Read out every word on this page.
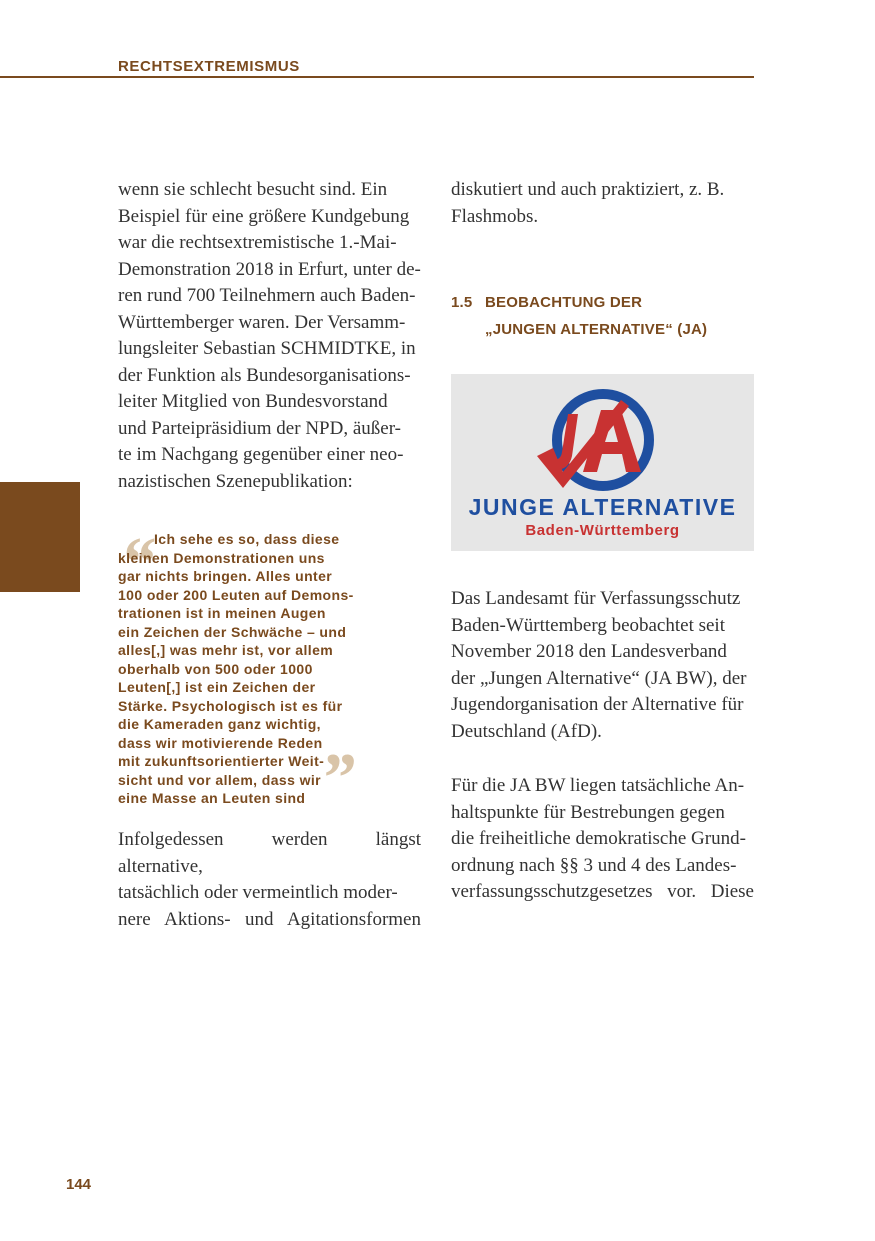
RECHTSEXTREMISMUS

wenn sie schlecht besucht sind. Ein

Beispiel für eine größere Kundgebung

war die rechtsextremistische 1.-Mai-

Demonstration 2018 in Erfurt, unter de-

ren rund 700 Teilnehmern auch Baden-

Württemberger waren. Der Versamm-

lungsleiter Sebastian SCHMIDTKE, in

der Funktion als Bundesorganisations-

leiter Mitglied von Bundesvorstand

und Parteipräsidium der NPD, äußer-

te im Nachgang gegenüber einer neo-

nazistischen Szenepublikation:

“
”
Ich sehe es so, dass diese
kleinen Demonstrationen uns
gar nichts bringen. Alles unter
100 oder 200 Leuten auf Demons-
trationen ist in meinen Augen
ein Zeichen der Schwäche – und
alles[,] was mehr ist, vor allem
oberhalb von 500 oder 1000
Leuten[,] ist ein Zeichen der
Stärke. Psychologisch ist es für
die Kameraden ganz wichtig,
dass wir motivierende Reden
mit zukunftsorientierter Weit-
sicht und vor allem, dass wir
eine Masse an Leuten sind

Infolgedessen werden längst alternative,

tatsächlich oder vermeintlich moder-

nere Aktions- und Agitationsformen

diskutiert und auch praktiziert, z. B.

Flashmobs.

1.5 BEOBACHTUNG DER
„JUNGEN ALTERNATIVE“ (JA)
JUNGE ALTERNATIVE
Baden-Württemberg

Das Landesamt für Verfassungsschutz

Baden-Württemberg beobachtet seit

November 2018 den Landesverband

der „Jungen Alternative“ (JA BW), der

Jugendorganisation der Alternative für

Deutschland (AfD).

Für die JA BW liegen tatsächliche An-

haltspunkte für Bestrebungen gegen

die freiheitliche demokratische Grund-

ordnung nach §§ 3 und 4 des Landes-

verfassungsschutzgesetzes vor. Diese

144
